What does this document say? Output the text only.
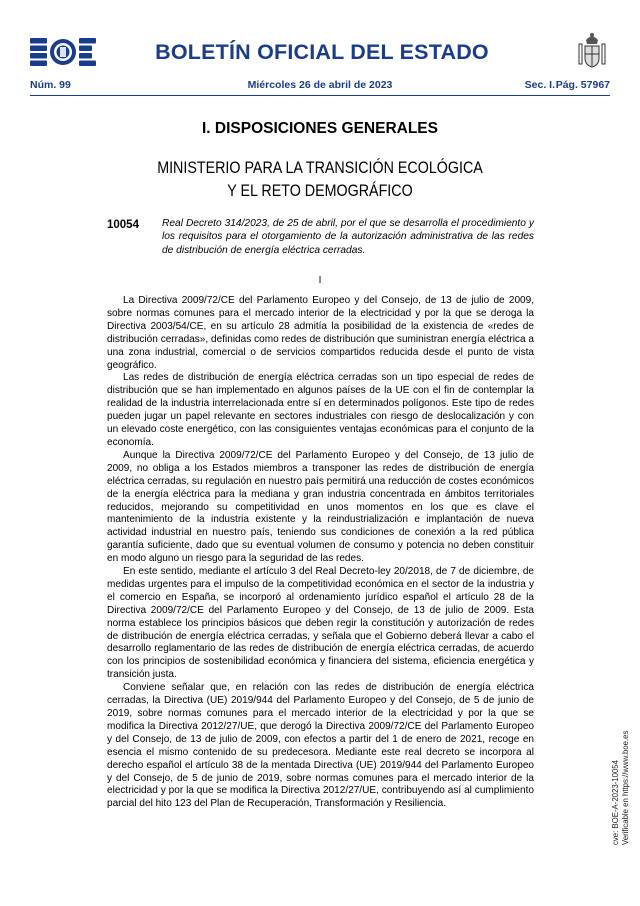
BOLETÍN OFICIAL DEL ESTADO
Núm. 99	Miércoles 26 de abril de 2023	Sec. I. Pág. 57967
I. DISPOSICIONES GENERALES
MINISTERIO PARA LA TRANSICIÓN ECOLÓGICA
Y EL RETO DEMOGRÁFICO
10054 Real Decreto 314/2023, de 25 de abril, por el que se desarrolla el procedimiento y los requisitos para el otorgamiento de la autorización administrativa de las redes de distribución de energía eléctrica cerradas.
I

La Directiva 2009/72/CE del Parlamento Europeo y del Consejo, de 13 de julio de 2009, sobre normas comunes para el mercado interior de la electricidad y por la que se deroga la Directiva 2003/54/CE, en su artículo 28 admitía la posibilidad de la existencia de «redes de distribución cerradas», definidas como redes de distribución que suministran energía eléctrica a una zona industrial, comercial o de servicios compartidos reducida desde el punto de vista geográfico.

Las redes de distribución de energía eléctrica cerradas son un tipo especial de redes de distribución que se han implementado en algunos países de la UE con el fin de contemplar la realidad de la industria interrelacionada entre sí en determinados polígonos. Este tipo de redes pueden jugar un papel relevante en sectores industriales con riesgo de deslocalización y con un elevado coste energético, con las consiguientes ventajas económicas para el conjunto de la economía.

Aunque la Directiva 2009/72/CE del Parlamento Europeo y del Consejo, de 13 julio de 2009, no obliga a los Estados miembros a transponer las redes de distribución de energía eléctrica cerradas, su regulación en nuestro país permitirá una reducción de costes económicos de la energía eléctrica para la mediana y gran industria concentrada en ámbitos territoriales reducidos, mejorando su competitividad en unos momentos en los que es clave el mantenimiento de la industria existente y la reindustrialización e implantación de nueva actividad industrial en nuestro país, teniendo sus condiciones de conexión a la red pública garantía suficiente, dado que su eventual volumen de consumo y potencia no deben constituir en modo alguno un riesgo para la seguridad de las redes.

En este sentido, mediante el artículo 3 del Real Decreto-ley 20/2018, de 7 de diciembre, de medidas urgentes para el impulso de la competitividad económica en el sector de la industria y el comercio en España, se incorporó al ordenamiento jurídico español el artículo 28 de la Directiva 2009/72/CE del Parlamento Europeo y del Consejo, de 13 de julio de 2009. Esta norma establece los principios básicos que deben regir la constitución y autorización de redes de distribución de energía eléctrica cerradas, y señala que el Gobierno deberá llevar a cabo el desarrollo reglamentario de las redes de distribución de energía eléctrica cerradas, de acuerdo con los principios de sostenibilidad económica y financiera del sistema, eficiencia energética y transición justa.

Conviene señalar que, en relación con las redes de distribución de energía eléctrica cerradas, la Directiva (UE) 2019/944 del Parlamento Europeo y del Consejo, de 5 de junio de 2019, sobre normas comunes para el mercado interior de la electricidad y por la que se modifica la Directiva 2012/27/UE, que derogó la Directiva 2009/72/CE del Parlamento Europeo y del Consejo, de 13 de julio de 2009, con efectos a partir del 1 de enero de 2021, recoge en esencia el mismo contenido de su predecesora. Mediante este real decreto se incorpora al derecho español el artículo 38 de la mentada Directiva (UE) 2019/944 del Parlamento Europeo y del Consejo, de 5 de junio de 2019, sobre normas comunes para el mercado interior de la electricidad y por la que se modifica la Directiva 2012/27/UE, contribuyendo así al cumplimiento parcial del hito 123 del Plan de Recuperación, Transformación y Resiliencia.	cve: BOE-A-2023-10054 Verificable en https://www.boe.es
